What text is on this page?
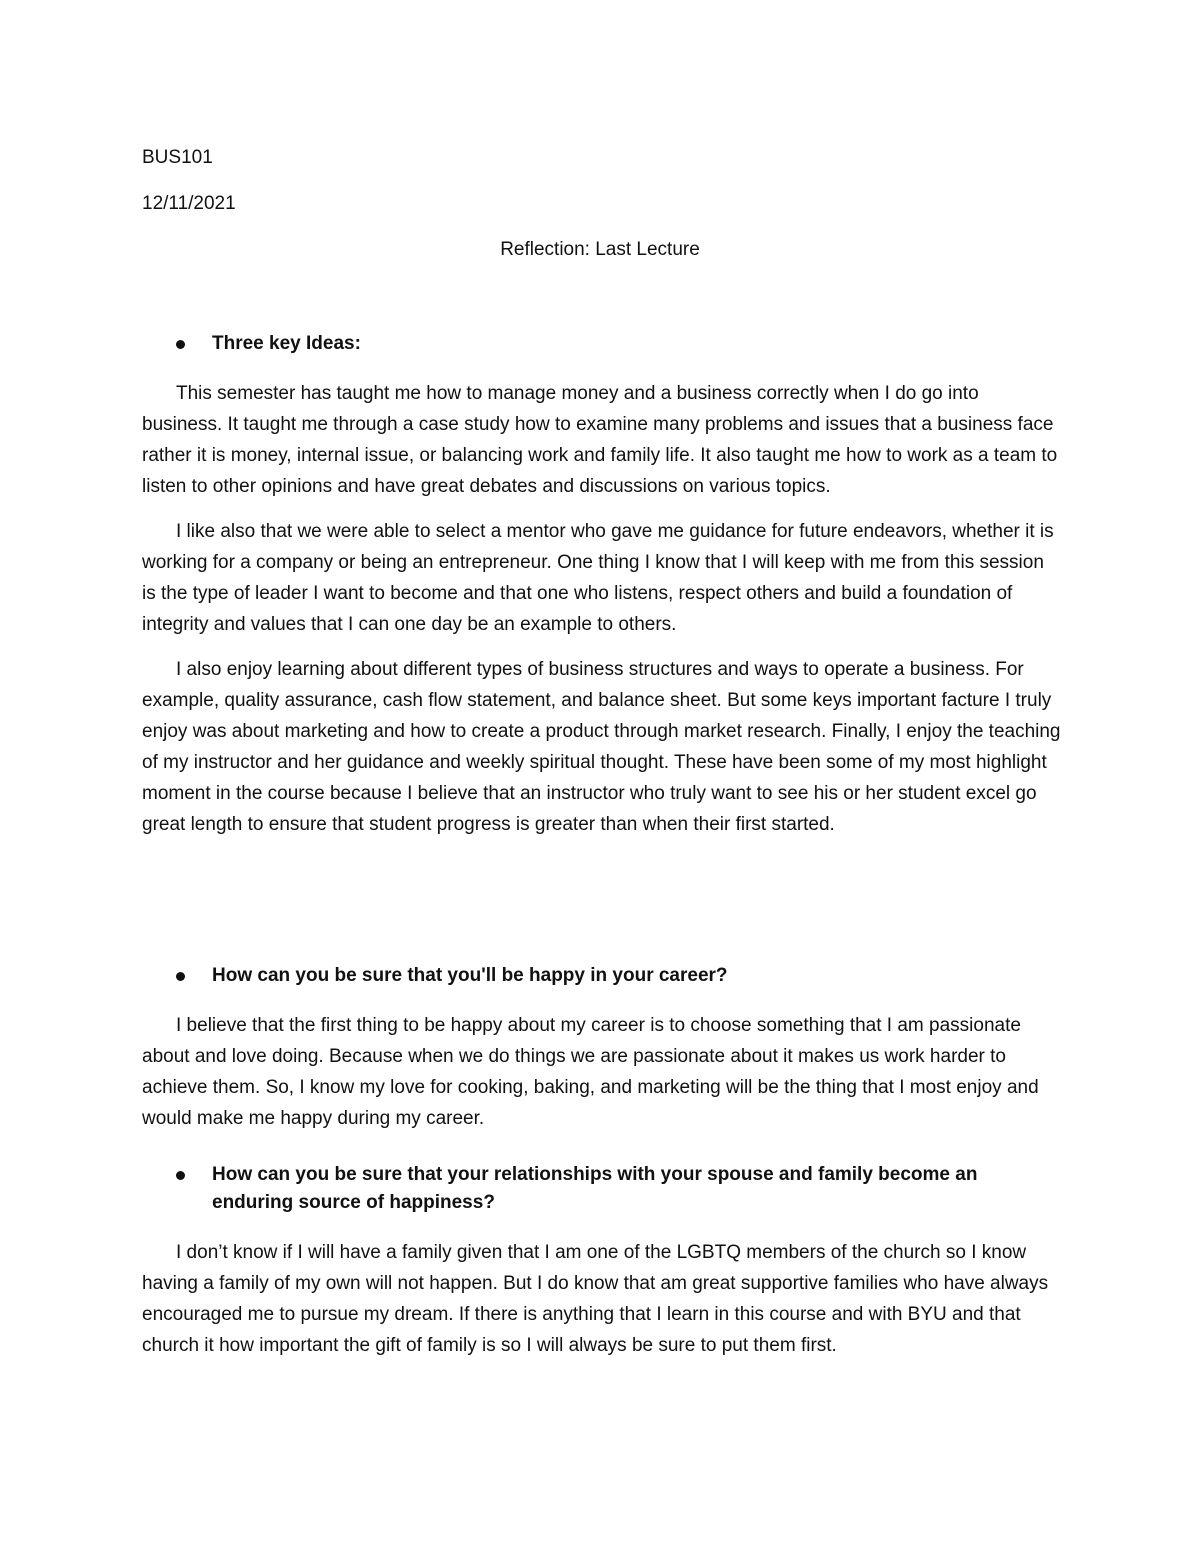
BUS101
12/11/2021
Reflection: Last Lecture
Three key Ideas:

This semester has taught me how to manage money and a business correctly when I do go into business. It taught me through a case study how to examine many problems and issues that a business face rather it is money, internal issue, or balancing work and family life. It also taught me how to work as a team to listen to other opinions and have great debates and discussions on various topics.

I like also that we were able to select a mentor who gave me guidance for future endeavors, whether it is working for a company or being an entrepreneur. One thing I know that I will keep with me from this session is the type of leader I want to become and that one who listens, respect others and build a foundation of integrity and values that I can one day be an example to others.

I also enjoy learning about different types of business structures and ways to operate a business. For example, quality assurance, cash flow statement, and balance sheet. But some keys important facture I truly enjoy was about marketing and how to create a product through market research. Finally, I enjoy the teaching of my instructor and her guidance and weekly spiritual thought. These have been some of my most highlight moment in the course because I believe that an instructor who truly want to see his or her student excel go great length to ensure that student progress is greater than when their first started.

How can you be sure that you'll be happy in your career?

I believe that the first thing to be happy about my career is to choose something that I am passionate about and love doing. Because when we do things we are passionate about it makes us work harder to achieve them. So, I know my love for cooking, baking, and marketing will be the thing that I most enjoy and would make me happy during my career.

How can you be sure that your relationships with your spouse and family become an enduring source of happiness?

I don’t know if I will have a family given that I am one of the LGBTQ members of the church so I know having a family of my own will not happen. But I do know that am great supportive families who have always encouraged me to pursue my dream. If there is anything that I learn in this course and with BYU and that church it how important the gift of family is so I will always be sure to put them first.
